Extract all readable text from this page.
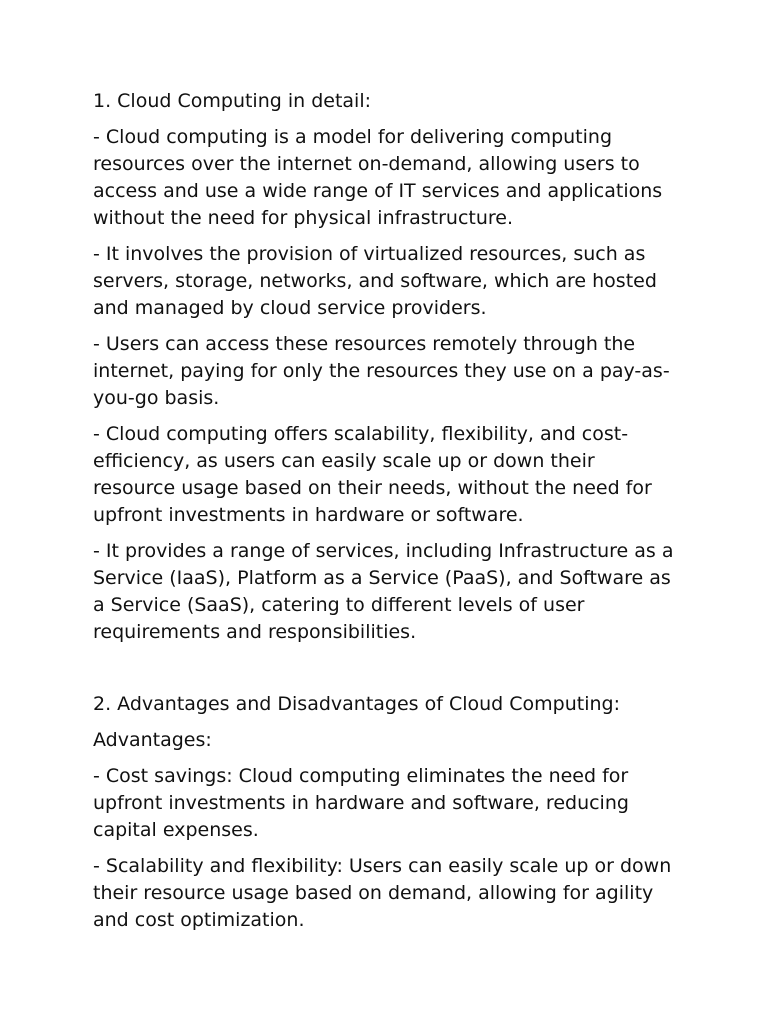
1. Cloud Computing in detail:
- Cloud computing is a model for delivering computing resources over the internet on-demand, allowing users to access and use a wide range of IT services and applications without the need for physical infrastructure.
- It involves the provision of virtualized resources, such as servers, storage, networks, and software, which are hosted and managed by cloud service providers.
- Users can access these resources remotely through the internet, paying for only the resources they use on a pay-as-you-go basis.
- Cloud computing offers scalability, flexibility, and cost-efficiency, as users can easily scale up or down their resource usage based on their needs, without the need for upfront investments in hardware or software.
- It provides a range of services, including Infrastructure as a Service (IaaS), Platform as a Service (PaaS), and Software as a Service (SaaS), catering to different levels of user requirements and responsibilities.
2. Advantages and Disadvantages of Cloud Computing:
Advantages:
- Cost savings: Cloud computing eliminates the need for upfront investments in hardware and software, reducing capital expenses.
- Scalability and flexibility: Users can easily scale up or down their resource usage based on demand, allowing for agility and cost optimization.
